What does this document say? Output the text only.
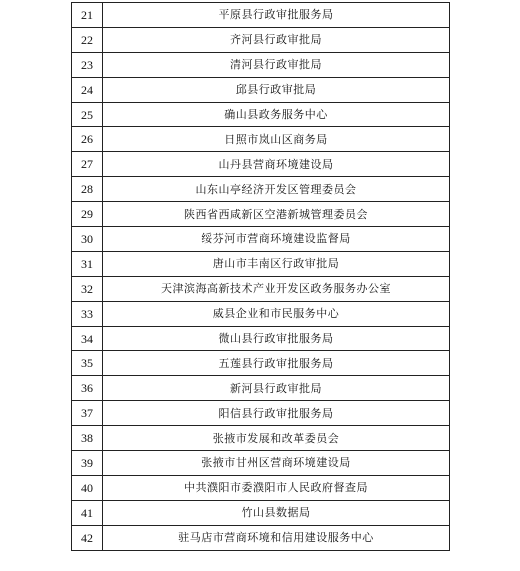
21	平原县行政审批服务局
22	齐河县行政审批局
23	清河县行政审批局
24	邱县行政审批局
25	确山县政务服务中心
26	日照市岚山区商务局
27	山丹县营商环境建设局
28	山东山亭经济开发区管理委员会
29	陕西省西咸新区空港新城管理委员会
30	绥芬河市营商环境建设监督局
31	唐山市丰南区行政审批局
32	天津滨海高新技术产业开发区政务服务办公室
33	威县企业和市民服务中心
34	微山县行政审批服务局
35	五莲县行政审批服务局
36	新河县行政审批局
37	阳信县行政审批服务局
38	张掖市发展和改革委员会
39	张掖市甘州区营商环境建设局
40	中共濮阳市委濮阳市人民政府督查局
41	竹山县数据局
42	驻马店市营商环境和信用建设服务中心
